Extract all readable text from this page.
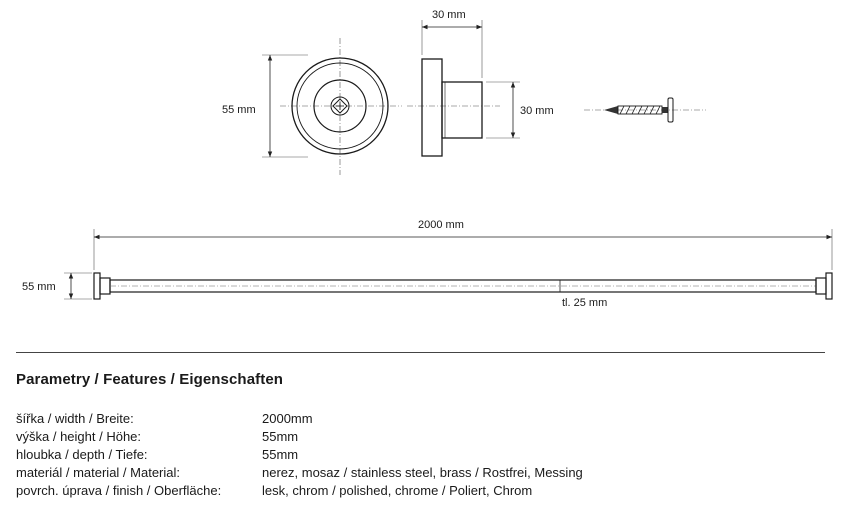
55 mm
30 mm
30 mm
2000 mm
55 mm
tl. 25 mm
Parametry / Features / Eigenschaften
šířka / width / Breite:	2000mm
výška / height / Höhe:	55mm
hloubka / depth / Tiefe:	55mm
materiál / material / Material:	nerez, mosaz / stainless steel, brass / Rostfrei, Messing
povrch. úprava / finish / Oberfläche:	lesk, chrom / polished, chrome / Poliert, Chrom
